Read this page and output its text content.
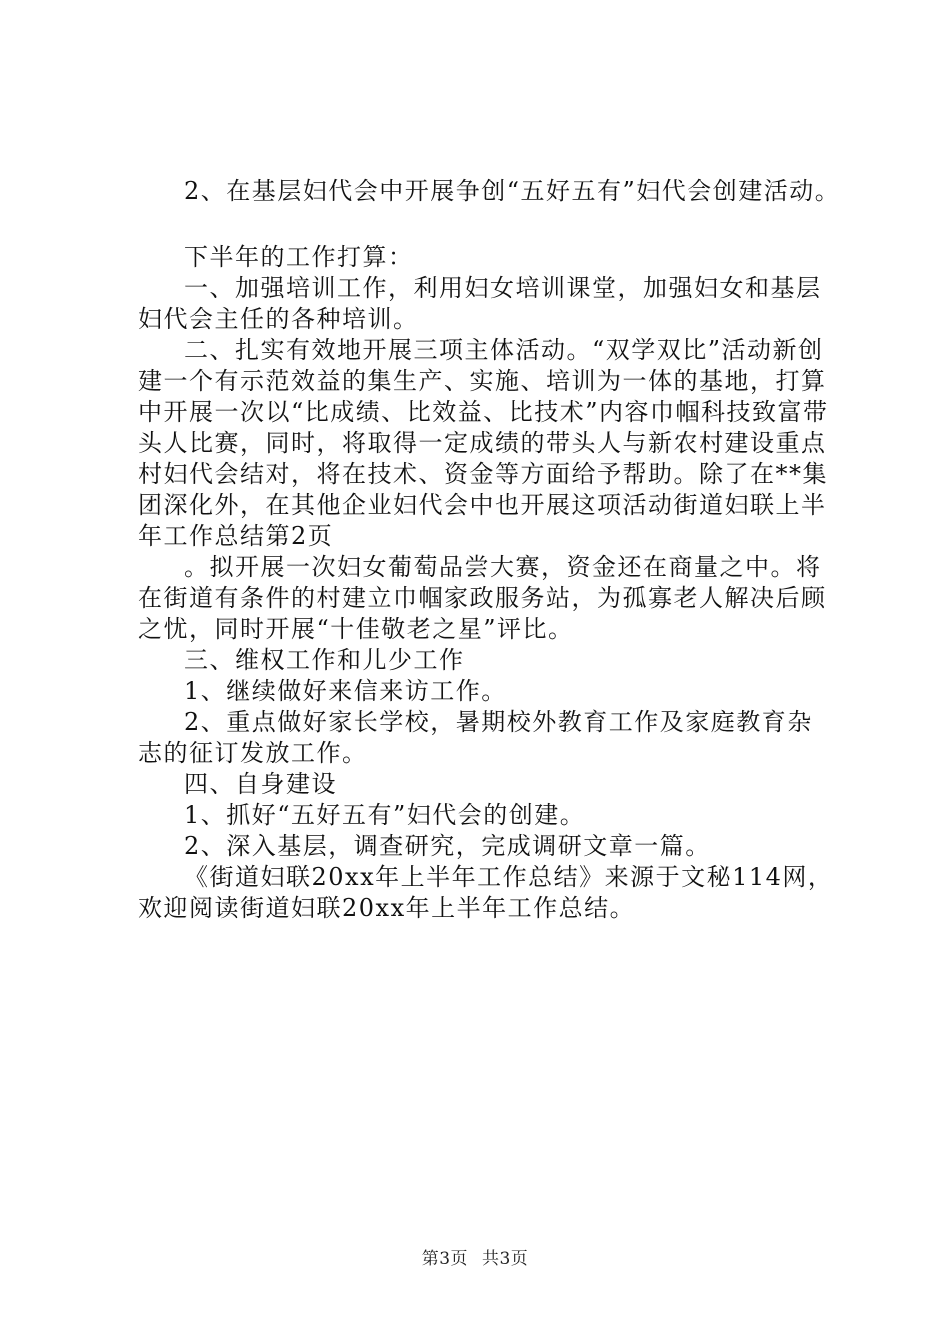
2、在基层妇代会中开展争创“五好五有”妇代会创建活动。

下半年的工作打算：

一、加强培训工作，利用妇女培训课堂，加强妇女和基层妇代会主任的各种培训。

二、扎实有效地开展三项主体活动。“双学双比”活动新创建一个有示范效益的集生产、实施、培训为一体的基地，打算中开展一次以“比成绩、比效益、比技术”内容巾帼科技致富带头人比赛，同时，将取得一定成绩的带头人与新农村建设重点村妇代会结对，将在技术、资金等方面给予帮助。除了在**集团深化外，在其他企业妇代会中也开展这项活动街道妇联上半年工作总结第2页

。拟开展一次妇女葡萄品尝大赛，资金还在商量之中。将在街道有条件的村建立巾帼家政服务站，为孤寡老人解决后顾之忧，同时开展“十佳敬老之星”评比。

三、维权工作和儿少工作

1、继续做好来信来访工作。

2、重点做好家长学校，暑期校外教育工作及家庭教育杂志的征订发放工作。

四、自身建设

1、抓好“五好五有”妇代会的创建。

2、深入基层，调查研究，完成调研文章一篇。

《街道妇联20xx年上半年工作总结》来源于文秘114网，欢迎阅读街道妇联20xx年上半年工作总结。

第3页 共3页
